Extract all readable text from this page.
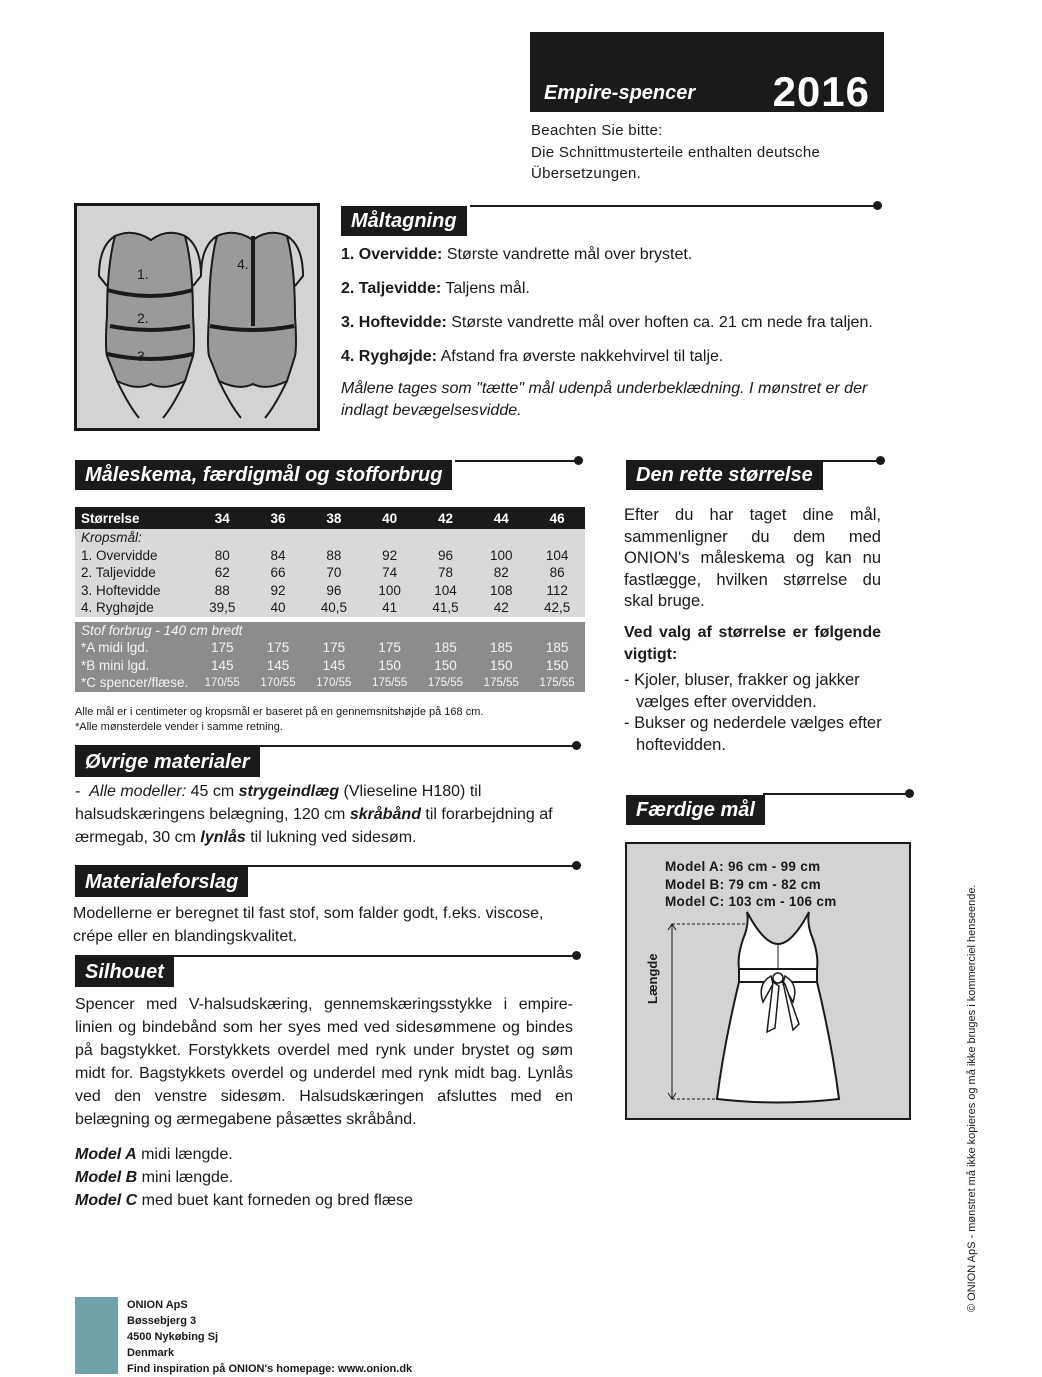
Empire-spencer 2016
Beachten Sie bitte:
Die Schnittmusterteile enthalten deutsche
Übersetzungen.
1.
2.
3.
4.
Måltagning
1. Overvidde: Største vandrette mål over brystet.
2. Taljevidde: Taljens mål.
3. Hoftevidde: Største vandrette mål over hoften ca. 21 cm nede fra taljen.
4. Ryghøjde: Afstand fra øverste nakkehvirvel til talje.
Målene tages som "tætte" mål udenpå underbeklædning. I mønstret er der indlagt bevægelsesvidde.
Måleskema, færdigmål og stofforbrug
Størrelse	34	36	38	40	42	44	46
Kropsmål:							
1. Overvidde	80	84	88	92	96	100	104
2. Taljevidde	62	66	70	74	78	82	86
3. Hoftevidde	88	92	96	100	104	108	112
4. Ryghøjde	39,5	40	40,5	41	41,5	42	42,5

Stof forbrug - 140 cm bredt							
*A midi lgd.	175	175	175	175	185	185	185
*B mini lgd.	145	145	145	150	150	150	150
*C spencer/flæse.	170/55	170/55	170/55	175/55	175/55	175/55	175/55
Alle mål er i centimeter og kropsmål er baseret på en gennemsnitshøjde på 168 cm.
*Alle mønsterdele vender i samme retning.
Øvrige materialer
- Alle modeller: 45 cm strygeindlæg (Vlieseline H180) til halsudskæringens belægning, 120 cm skråbånd til forarbejdning af ærmegab, 30 cm lynlås til lukning ved sidesøm.
Materialeforslag
Modellerne er beregnet til fast stof, som falder godt, f.eks. viscose, crépe eller en blandingskvalitet.
Silhouet
Spencer med V-halsudskæring, gennemskæringsstykke i empire-linien og bindebånd som her syes med ved sidesømmene og bindes på bagstykket. Forstykkets overdel med rynk under brystet og søm midt for. Bagstykkets overdel og underdel med rynk midt bag. Lynlås ved den venstre sidesøm. Halsudskæringen afsluttes med en belægning og ærmegabene påsættes skråbånd.
Model A midi længde.
Model B mini længde.
Model C med buet kant forneden og bred flæse
Den rette størrelse
Efter du har taget dine mål, sammenligner du dem med ONION's måleskema og kan nu fastlægge, hvilken størrelse du skal bruge.
Ved valg af størrelse er følgende vigtigt:
- Kjoler, bluser, frakker og jakker vælges efter overvidden.
- Bukser og nederdele vælges efter hoftevidden.
Færdige mål
Model A: 96 cm - 99 cm
Model B: 79 cm - 82 cm
Model C: 103 cm - 106 cm
Længde	© ONION ApS - mønstret må ikke kopieres og må ikke bruges i kommerciel henseende.
ONION ApS
Bøssebjerg 3
4500 Nykøbing Sj
Denmark
Find inspiration på ONION's homepage: www.onion.dk
